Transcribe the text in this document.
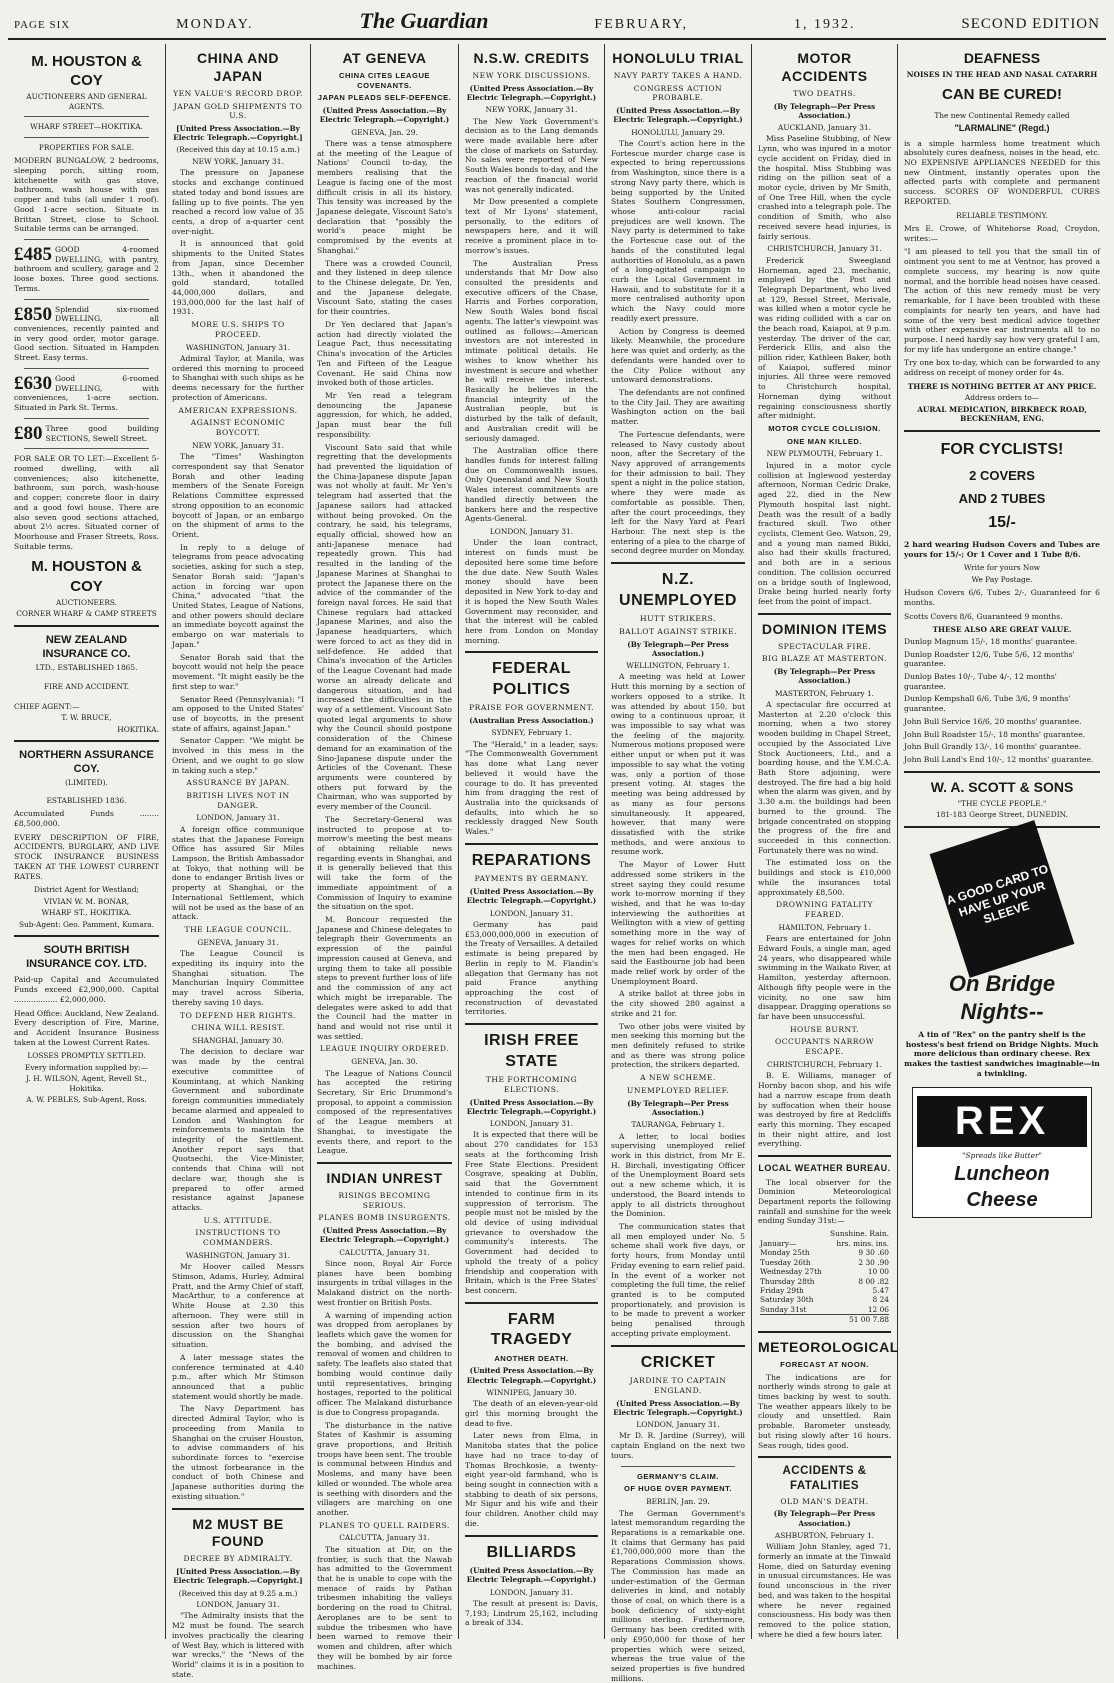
PAGE SIX	MONDAY.	The Guardian	FEBRUARY,	1, 1932.	SECOND EDITION
M. HOUSTON & COY
AUCTIONEERS AND GENERAL AGENTS.
WHARF STREET—HOKITIKA.
PROPERTIES FOR SALE.
MODERN BUNGALOW, 2 bedrooms, sleeping porch, sitting room, kitchenette with gas stove, bathroom, wash house with gas copper and tubs (all under 1 roof). Good 1-acre section. Situate in Brittan Street, close to School. Suitable terms can be arranged.
£485 GOOD 4-roomed DWELLING, with pantry, bathroom and scullery, garage and 2 loose boxes. Three good sections. Terms.
£850 Splendid six-roomed DWELLING, all conveniences, recently painted and in very good order, motor garage. Good section. Situated in Hampden Street. Easy terms.
£630 Good 6-roomed DWELLING, with conveniences, 1-acre section. Situated in Park St. Terms.
£80 Three good building SECTIONS, Sewell Street.
FOR SALE OR TO LET:—Excellent 5-roomed dwelling, with all conveniences; also kitchenette, bathroom, sun porch, wash-house and copper; concrete floor in dairy and a good fowl house. There are also seven good sections attached, about 2½ acres. Situated corner of Moorhouse and Fraser Streets, Ross. Suitable terms.
M. HOUSTON & COY
AUCTIONEERS.
CORNER WHARF & CAMP STREETS
NEW ZEALAND INSURANCE CO.
LTD., ESTABLISHED 1865.
FIRE AND ACCIDENT.
CHIEF AGENT:—
T. W. BRUCE,
HOKITIKA.
NORTHERN ASSURANCE COY.
(LIMITED).
ESTABLISHED 1836.
Accumulated Funds ........ £8,500,000.
EVERY DESCRIPTION OF FIRE, ACCIDENTS, BURGLARY, AND LIVE STOCK INSURANCE BUSINESS TAKEN AT THE LOWEST CURRENT RATES.
District Agent for Westland;
VIVIAN W. M. BONAR,
WHARF ST., HOKITIKA.
Sub-Agent: Geo. Pamment, Kumara.
SOUTH BRITISH INSURANCE COY. LTD.
Paid-up Capital and Accumulated Funds exceed £2,900,000. Capital .................. £2,000,000.
Head Office: Auckland, New Zealand. Every description of Fire, Marine, and Accident Insurance Business taken at the Lowest Current Rates.
LOSSES PROMPTLY SETTLED.
Every information supplied by:—
J. H. WILSON, Agent, Revell St., Hokitika.
A. W. PEBLES, Sub-Agent, Ross.
CHINA AND JAPAN
YEN VALUE'S RECORD DROP.
JAPAN GOLD SHIPMENTS TO U.S.
[United Press Association.—By Electric Telegraph.—Copyright.]
(Received this day at 10.15 a.m.)
NEW YORK, January 31.

The pressure on Japanese stocks and exchange continued stated today and bond issues are falling up to five points. The yen reached a record low value of 35 cents, a drop of a-quarter cent over-night.

It is announced that gold shipments to the United States from Japan, since December 13th., when it abandoned the gold standard, totalled 44,000,000 dollars, and 193,000,000 for the last half of 1931.

MORE U.S. SHIPS TO PROCEED.
WASHINGTON, January 31.

Admiral Taylor, at Manila, was ordered this morning to proceed to Shanghai with such ships as he deems necessary for the further protection of Americans.

AMERICAN EXPRESSIONS.
AGAINST ECONOMIC BOYCOTT.
NEW YORK, January 31.

The "Times" Washington correspondent say that Senator Borah and other leading members of the Senate Foreign Relations Committee expressed strong opposition to an economic boycott of Japan, or an embargo on the shipment of arms to the Orient.

In reply to a deluge of telegrams from peace advocating societies, asking for such a step, Senator Borah said: "Japan's action in forcing war upon China," advocated "that the United States, League of Nations, and other powers should declare an immediate boycott against the embargo on war materials to Japan."

Senator Borah said that the boycott would not help the peace movement. "It might easily be the first step to war."

Senator Reed (Pennsylvania): "I am opposed to the United States' use of boycotts, in the present state of affairs, against Japan."

Senator Capper: "We might be involved in this mess in the Orient, and we ought to go slow in taking such a step."

ASSURANCE BY JAPAN.
BRITISH LIVES NOT IN DANGER.
LONDON, January 31.

A foreign office communique states that the Japanese Foreign Office has assured Sir Miles Lampson, the British Ambassador at Tokyo, that nothing will be done to endanger British lives or property at Shanghai, or the International Settlement, which will not be used as the base of an attack.

THE LEAGUE COUNCIL.
GENEVA, January 31.

The League Council is expediting its inquiry into the Shanghai situation. The Manchurian Inquiry Committee may travel across Siberia, thereby saving 10 days.

TO DEFEND HER RIGHTS.
CHINA WILL RESIST.
SHANGHAI, January 30.

The decision to declare war was made by the central executive committee of Koumintang, at which Nanking Government and subordinate foreign communities immediately became alarmed and appealed to London and Washington for reinforcements to maintain the integrity of the Settlement. Another report says that Quotsechi, the Vice-Minister, contends that China will not declare war, though she is prepared to offer armed resistance against Japanese attacks.

U.S. ATTITUDE.
INSTRUCTIONS TO COMMANDERS.
WASHINGTON, January 31.

Mr Hoover called Messrs Stimson, Adams, Hurley, Admiral Pratt, and the Army Chief of staff, MacArthur, to a conference at White House at 2.30 this afternoon. They were still in session after two hours of discussion on the Shanghai situation.

A later message states the conference terminated at 4.40 p.m., after which Mr Stimson announced that a public statement would shortly be made.

The Navy Department has directed Admiral Taylor, who is proceeding from Manila to Shanghai on the cruiser Houston, to advise commanders of his subordinate forces to "exercise the utmost forbearance in the conduct of both Chinese and Japanese authorities during the existing situation."

M2 MUST BE FOUND
DECREE BY ADMIRALTY.
[United Press Association.—By Electric Telegraph.—Copyright.]
(Received this day at 9.25 a.m.)
LONDON, January 31.

"The Admiralty insists that the M2 must be found. The search involves practically the clearing of West Bay, which is littered with war wrecks," the "News of the World" claims it is in a position to state.

AT GENEVA
CHINA CITES LEAGUE COVENANTS.
JAPAN PLEADS SELF-DEFENCE.
(United Press Association.—By Electric Telegraph.—Copyright.)
GENEVA, Jan. 29.

There was a tense atmosphere at the meeting of the League of Nations' Council to-day, the members realising that the League is facing one of the most difficult crisis in all its history. This tensity was increased by the Japanese delegate, Viscount Sato's declaration that "possibly the world's peace might be compromised by the events at Shanghai."

There was a crowded Council, and they listened in deep silence to the Chinese delegate, Dr. Yen, and the Japanese delegate, Viscount Sato, stating the cases for their countries.

Dr Yen declared that Japan's action had directly violated the League Pact, thus necessitating China's invocation of the Articles Ten and Fifteen of the League Covenant. He said China now invoked both of those articles.

Mr Yen read a telegram denouncing the Japanese aggression, for which, he added, Japan must bear the full responsibility.

Viscount Sato said that while regretting that the developments had prevented the liquidation of the China-Japanese dispute Japan was not wholly at fault. Mr Yen's telegram had asserted that the Japanese sailors had attacked without being provoked. On the contrary, he said, his telegrams, equally official, showed how an anti-Japanese menace had repeatedly grown. This had resulted in the landing of the Japanese Marines at Shanghai to protect the Japanese there on the advice of the commander of the foreign naval forces. He said that Chinese regulars had attacked Japanese Marines, and also the Japanese headquarters, which were forced to act as they did in self-defence. He added that China's invocation of the Articles of the League Covenant had made worse an already delicate and dangerous situation, and had increased the difficulties in the way of a settlement. Viscount Sato quoted legal arguments to show why the Council should postpone consideration of the Chinese demand for an examination of the Sino-Japanese dispute under the Articles of the Covenant. These arguments were countered by others put forward by the Chairman, who was supported by every member of the Council.

The Secretary-General was instructed to propose at to-morrow's meeting the best means of obtaining reliable news regarding events in Shanghai, and it is generally believed that this will take the form of the immediate appointment of a Commission of Inquiry to examine the situation on the spot.

M. Boncour requested the Japanese and Chinese delegates to telegraph their Governments an expression of the painful impression caused at Geneva, and urging them to take all possible steps to prevent further loss of life and the commission of any act which might be irreparable. The delegates were asked to add that the Council had the matter in hand and would not rise until it was settled.

LEAGUE INQUIRY ORDERED.
GENEVA, Jan. 30.

The League of Nations Council has accepted the retiring Secretary, Sir Eric Drummond's proposal, to appoint a commission composed of the representatives of the League members at Shanghai, to investigate the events there, and report to the League.

INDIAN UNREST
RISINGS BECOMING SERIOUS.
PLANES BOMB INSURGENTS.
(United Press Association.—By Electric Telegraph.—Copyright.)
CALCUTTA, January 31.

Since noon, Royal Air Force planes have been bombing insurgents in tribal villages in the Malakand district on the north-west frontier on British Posts.

A warning of impending action was dropped from aeroplanes by leaflets which gave the women for the bombing, and advised the removal of women and children to safety. The leaflets also stated that bombing would continue daily until representatives, bringing hostages, reported to the political officer. The Malakand disturbance is due to Congress propaganda.

The disturbance in the native States of Kashmir is assuming grave proportions, and British troops have been sent. The trouble is communal between Hindus and Moslems, and many have been killed or wounded. The whole area is seething with disorders and the villagers are marching on one another.

PLANES TO QUELL RAIDERS.
CALCUTTA, January 31.

The situation at Dir, on the frontier, is such that the Nawab has admitted to the Government that he is unable to cope with the menace of raids by Pathan tribesmen inhabiting the valleys bordering on the road to Chitral. Aeroplanes are to be sent to subdue the tribesmen who have been warned to remove their women and children, after which they will be bombed by air force machines.

N.S.W. CREDITS
NEW YORK DISCUSSIONS.
(United Press Association.—By Electric Telegraph.—Copyright.)
NEW YORK, January 31.

The New York Government's decision as to the Lang demands were made available here after the close of markets on Saturday. No sales were reported of New South Wales bonds to-day, and the reaction of the financial world was not generally indicated.

Mr Dow presented a complete text of Mr Lyons' statement, personally, to the editors of newspapers here, and it will receive a prominent place in to-morrow's issues.

The Australian Press understands that Mr Dow also consulted the presidents and executive officers of the Chase, Harris and Forbes corporation, New South Wales bond fiscal agents. The latter's viewpoint was outlined as follows:—American investors are not interested in intimate political details. He wishes to know whether his investment is secure and whether he will receive the interest. Basically he believes in the financial integrity of the Australian people, but is disturbed by the talk of default, and Australian credit will be seriously damaged.

The Australian office there handles funds for interest falling due on Commonwealth issues. Only Queensland and New South Wales interest commitments are handled directly between the bankers here and the respective Agents-General.

LONDON, January 31.

Under the loan contract, interest on funds must be deposited here some time before the due date. New South Wales money should have been deposited in New York to-day and it is hoped the New South Wales Government may reconsider, and that the interest will be cabled here from London on Monday morning.

FEDERAL POLITICS
PRAISE FOR GOVERNMENT.
(Australian Press Association.)
SYDNEY, February 1.

The "Herald," in a leader, says: "The Commonwealth Government has done what Lang never believed it would have the courage to do. It has prevented him from dragging the rest of Australia into the quicksands of defaults, into which he so recklessly dragged New South Wales."

REPARATIONS
PAYMENTS BY GERMANY.
(United Press Association.—By Electric Telegraph.—Copyright.)
LONDON, January 31.

Germany has paid £53,000,000,000 in execution of the Treaty of Versailles. A detailed estimate is being prepared by Berlin in reply to M. Flandin's allegation that Germany has not paid France anything approaching the cost of reconstruction of devastated territories.

IRISH FREE STATE
THE FORTHCOMING ELECTIONS.
(United Press Association.—By Electric Telegraph.—Copyright.)
LONDON, January 31.

It is expected that there will be about 270 candidates for 153 seats at the forthcoming Irish Free State Elections. President Cosgrave, speaking at Dublin, said that the Government intended to continue firm in its suppression of terrorism. The people must not be misled by the old device of using individual grievance to overshadow the community's interests. The Government had decided to uphold the treaty of a policy friendship and cooperation with Britain, which is the Free States' best concern.

FARM TRAGEDY
ANOTHER DEATH.
(United Press Association.—By Electric Telegraph.—Copyright.)
WINNIPEG, January 30.

The death of an eleven-year-old girl this morning brought the dead to five.

Later news from Elma, in Manitoba states that the police have had no trace to-day of Thomas Brochkosie, a twenty-eight year-old farmhand, who is being sought in connection with a stabbing to death of six persons, Mr Sigur and his wife and their four children. Another child may die.

BILLIARDS
(United Press Association.—By Electric Telegraph.—Copyright.)
LONDON, January 31.

The result at present is: Davis, 7,193; Lindrum 25,162, including a break of 334.

HONOLULU TRIAL
NAVY PARTY TAKES A HAND.
CONGRESS ACTION PROBABLE.
(United Press Association.—By Electric Telegraph.—Copyright.)
HONOLULU, January 29.

The Court's action here in the Fortescue murder charge case is expected to bring repercussions from Washington, since there is a strong Navy party there, which is being supported by the United States Southern Congressmen, whose anti-colour racial prejudices are well known. The Navy party is determined to take the Fortescue case out of the hands of the constituted legal authorities of Honolulu, as a pawn of a long-agitated campaign to curb the Local Government in Hawaii, and to substitute for it a more centralised authority upon which the Navy could more readily exert pressure.

Action by Congress is deemed likely. Meanwhile, the procedure here was quiet and orderly, as the defendants were handed over to the City Police without any untoward demonstrations.

The defendants are not confined to the City Jail. They are awaiting Washington action on the bail matter.

The Fortescue defendants, were released to Navy custody about noon, after the Secretary of the Navy approved of arrangements for their admission to bail. They spent a night in the police station, where they were made as comfortable as possible. Then, after the court proceedings, they left for the Navy Yard at Pearl Harbour. The next step is the entering of a plea to the charge of second degree murder on Monday.

N.Z. UNEMPLOYED
HUTT STRIKERS.
BALLOT AGAINST STRIKE.
(By Telegraph—Per Press Association.)
WELLINGTON, February 1.

A meeting was held at Lower Hutt this morning by a section of workers opposed to a strike. It was attended by about 150, but owing to a continuous uproar, it was impossible to say what was the feeling of the majority. Numerous motions proposed were either unput or when put it was impossible to say what the voting was, only a portion of those present voting. At stages the meeting was being addressed by as many as four persons simultaneously. It appeared, however, that many were dissatisfied with the strike methods, and were anxious to resume work.

The Mayor of Lower Hutt addressed some strikers in the street saying they could resume work to-morrow morning if they wished, and that he was to-day interviewing the authorities at Wellington with a view of getting something more in the way of wages for relief works on which the men had been engaged. He said the Eastbourne job had been made relief work by order of the Unemployment Board.

A strike ballot at three jobs in the city showed 280 against a strike and 21 for.

Two other jobs were visited by men seeking this morning but the men definitely refused to strike and as there was strong police protection, the strikers departed.

A NEW SCHEME.
UNEMPLOYED RELIEF.
(By Telegraph—Per Press Association.)
TAURANGA, February 1.

A letter, to local bodies supervising unemployed relief work in this district, from Mr E. H. Birchall, investigating Officer of the Unemployment Board sets out a new scheme which, it is understood, the Board intends to apply to all districts throughout the Dominion.

The communication states that all men employed under No. 5 scheme shall work five days, or forty hours, from Monday until Friday evening to earn relief paid. In the event of a worker not completing the full time, the relief granted is to be computed proportionately, and provision is to be made to prevent a worker being penalised through accepting private employment.

CRICKET
JARDINE TO CAPTAIN ENGLAND.
(United Press Association.—By Electric Telegraph.—Copyright.)
LONDON, January 31.

Mr D. R. Jardine (Surrey), will captain England on the next two tours.

GERMANY'S CLAIM.
OF HUGE OVER PAYMENT.
BERLIN, Jan. 29.

The German Government's latest memorandum regarding the Reparations is a remarkable one. It claims that Germany has paid £1,700,000,000 more than the Reparations Commission shows. The Commission has made an under-estimation of the German deliveries in kind, and notably those of coal, on which there is a book deficiency of sixty-eight millions sterling. Furthermore, Germany has been credited with only £950,000 for those of her properties which were seized, whereas the true value of the seized properties is five hundred millions.

MOTOR ACCIDENTS
TWO DEATHS.
(By Telegraph—Per Press Association.)
AUCKLAND, January 31.

Miss Paseline Stubbing, of New Lynn, who was injured in a motor cycle accident on Friday, died in the hospital. Miss Stubbing was riding on the pillion seat of a motor cycle, driven by Mr Smith, of One Tree Hill, when the cycle crashed into a telegraph pole. The condition of Smith, who also received severe head injuries, is fairly serious.

CHRISTCHURCH, January 31.

Frederick Sweegland Horneman, aged 23, mechanic, employed by the Post and Telegraph Department, who lived at 129, Bessel Street, Merivale, was killed when a motor cycle he was riding collided with a car on the beach road, Kaiapoi, at 9 p.m. yesterday. The driver of the car, Ferderick Ellis, and also the pillion rider, Kathleen Baker, both of Kaiapoi, suffered minor injuries. All three were removed to Christchurch hospital, Horneman dying without regaining consciousness shortly after midnight.

MOTOR CYCLE COLLISION.
ONE MAN KILLED.
NEW PLYMOUTH, February 1.

Injured in a motor cycle collision at Inglewood yesterday afternoon, Norman Cedric Drake, aged 22, died in the New Plymouth hospital last night. Death was the result of a badly fractured skull. Two other cyclists, Clement Geo. Watson, 29, and a young man named Bikki, also had their skulls fractured, and both are in a serious condition. The collision occurred on a bridge south of Inglewood, Drake being hurled nearly forty feet from the point of impact.

DOMINION ITEMS
SPECTACULAR FIRE.
BIG BLAZE AT MASTERTON.
(By Telegraph—Per Press Association.)
MASTERTON, February 1.

A spectacular fire occurred at Masterton at 2.20 o'clock this morning, when a two storey wooden building in Chapel Street, occupied by the Associated Live Stock Auctioneers, Ltd., and a boarding house, and the Y.M.C.A. Bath Store adjoining, were destroyed. The fire had a big hold when the alarm was given, and by 3.30 a.m. the buildings had been burned to the ground. The brigade concentrated on stopping the progress of the fire and succeeded in this connection. Fortunately there was no wind.

The estimated loss on the buildings and stock is £10,000 while the insurances total approximately £8,500.

DROWNING FATALITY FEARED.
HAMILTON, February 1.

Fears are entertained for John Edward Fouls, a single man, aged 24 years, who disappeared while swimming in the Waikato River, at Hamilton, yesterday afternoon. Although fifty people were in the vicinity, no one saw him disappear. Dragging operations so far have been unsuccessful.

HOUSE BURNT.
OCCUPANTS NARROW ESCAPE.
CHRISTCHURCH, February 1.

B. E. Williams, manager of Hornby bacon shop, and his wife had a narrow escape from death by suffocation when their house was destroyed by fire at Redcliffs early this morning. They escaped in their night attire, and lost everything.

LOCAL WEATHER BUREAU.

The local observer for the Dominion Meteorological Department reports the following rainfall and sunshine for the week ending Sunday 31st:—

Sunshine. Rain.
January—	hrs. mins. ins.
Monday 25th	9 30 .60
Tuesday 26th	2 30 .90
Wednesday 27th	10 00
Thursday 28th	8 00 .82
Friday 29th	5.47
Saturday 30th	8 24
Sunday 31st	12 06
51 00 7.88
METEOROLOGICAL
FORECAST AT NOON.

The indications are for northerly winds strong to gale at times backing by west to south. The weather appears likely to be cloudy and unsettled. Rain probable. Barometer unsteady, but rising slowly after 16 hours. Seas rough, tides good.

ACCIDENTS & FATALITIES
OLD MAN'S DEATH.
(By Telegraph—Per Press Association.)
ASHBURTON, February 1.

William John Stanley, aged 71, formerly an inmate at the Tinwald Home, died on Saturday evening in unusual circumstances. He was found unconscious in the river bed, and was taken to the hospital where he never regained consciousness. His body was then removed to the police station, where he died a few hours later.

DEAFNESS
NOISES IN THE HEAD AND NASAL CATARRH
CAN BE CURED!
The new Continental Remedy called
"LARMALINE" (Regd.)
is a simple harmless home treatment which absolutely cures deafness, noises in the head, etc. NO EXPENSIVE APPLIANCES NEEDED for this new Ointment, instantly operates upon the affected parts with complete and permanent success. SCORES OF WONDERFUL CURES REPORTED.
RELIABLE TESTIMONY.
Mrs E. Crowe, of Whitehorse Road, Croydon, writes:—
"I am pleased to tell you that the small tin of ointment you sent to me at Ventnor, has proved a complete success, my hearing is now quite normal, and the horrible head noises have ceased. The action of this new remedy must be very remarkable, for I have been troubled with these complaints for nearly ten years, and have had some of the very best medical advice together with other expensive ear instruments all to no purpose. I need hardly say how very grateful I am, for my life has undergone an entire change."
Try one box to-day, which can be forwarded to any address on receipt of money order for 4s.
THERE IS NOTHING BETTER AT ANY PRICE.
Address orders to—
AURAL MEDICATION, BIRKBECK ROAD, BECKENHAM, ENG.
FOR CYCLISTS!
2 COVERS
AND 2 TUBES
15/-
2 hard wearing Hudson Covers and Tubes are yours for 15/-; Or 1 Cover and 1 Tube 8/6.
Write for yours Now
We Pay Postage.
Hudson Covers 6/6, Tubes 2/-, Guaranteed for 6 months.
Scotts Covers 8/6, Guaranteed 9 months.
THESE ALSO ARE GREAT VALUE.

Dunlop Magnum 15/-, 18 months' guarantee.

Dunlop Roadster 12/6, Tube 5/6, 12 months' guarantee.

Dunlop Bates 10/-, Tube 4/-, 12 months' guarantee.

Dunlop Kempshall 6/6, Tube 3/6, 9 months' guarantee.

John Bull Service 16/6, 20 months' guarantee.

John Bull Roadster 15/-, 18 months' guarantee.

John Bull Grandly 13/-, 16 months' guarantee.

John Bull Land's End 10/-, 12 months' guarantee.

W. A. SCOTT & SONS
"THE CYCLE PEOPLE."
181-183 George Street, DUNEDIN.
A GOOD CARD TO HAVE UP YOUR SLEEVE
On Bridge
Nights--
A tin of "Rex" on the pantry shelf is the hostess's best friend on Bridge Nights. Much more delicious than ordinary cheese. Rex makes the tastiest sandwiches imaginable—in a twinkling.
REX
"Spreads like Butter"
Luncheon
Cheese
